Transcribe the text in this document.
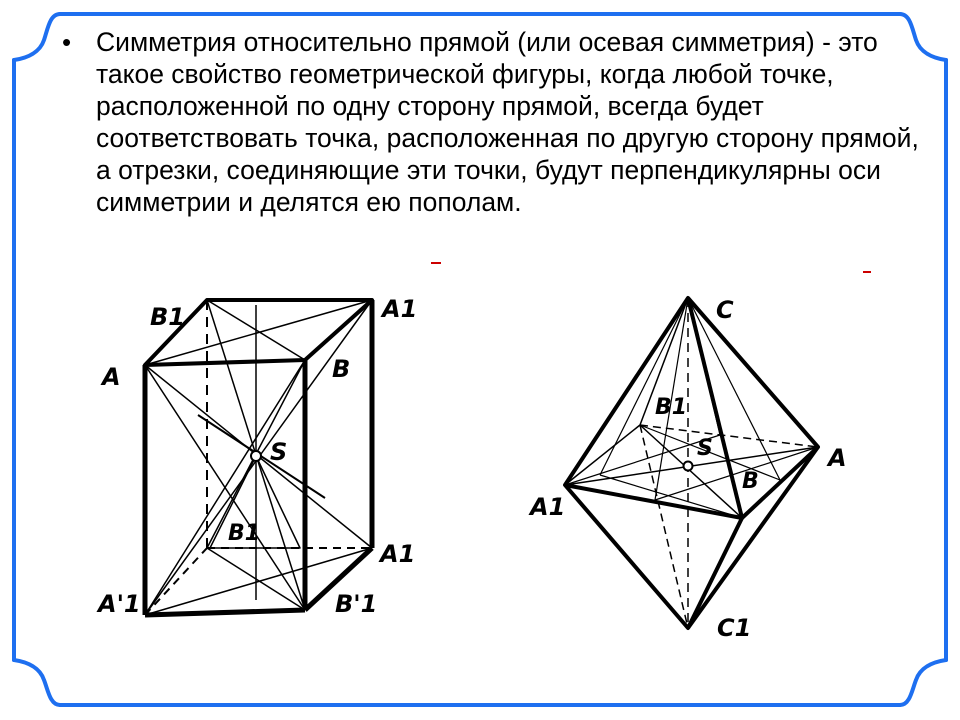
• Симметрия относительно прямой (или осевая симметрия) - это такое свойство геометрической фигуры, когда любой точке, расположенной по одну сторону прямой, всегда будет соответствовать точка, расположенная по другую сторону прямой, а отрезки, соединяющие эти точки, будут перпендикулярны оси симметрии и делятся ею пополам.

B1	A1
A	B
S
B1
A1
A'1	B'1
C
B1
S	A
B
A1
C1
